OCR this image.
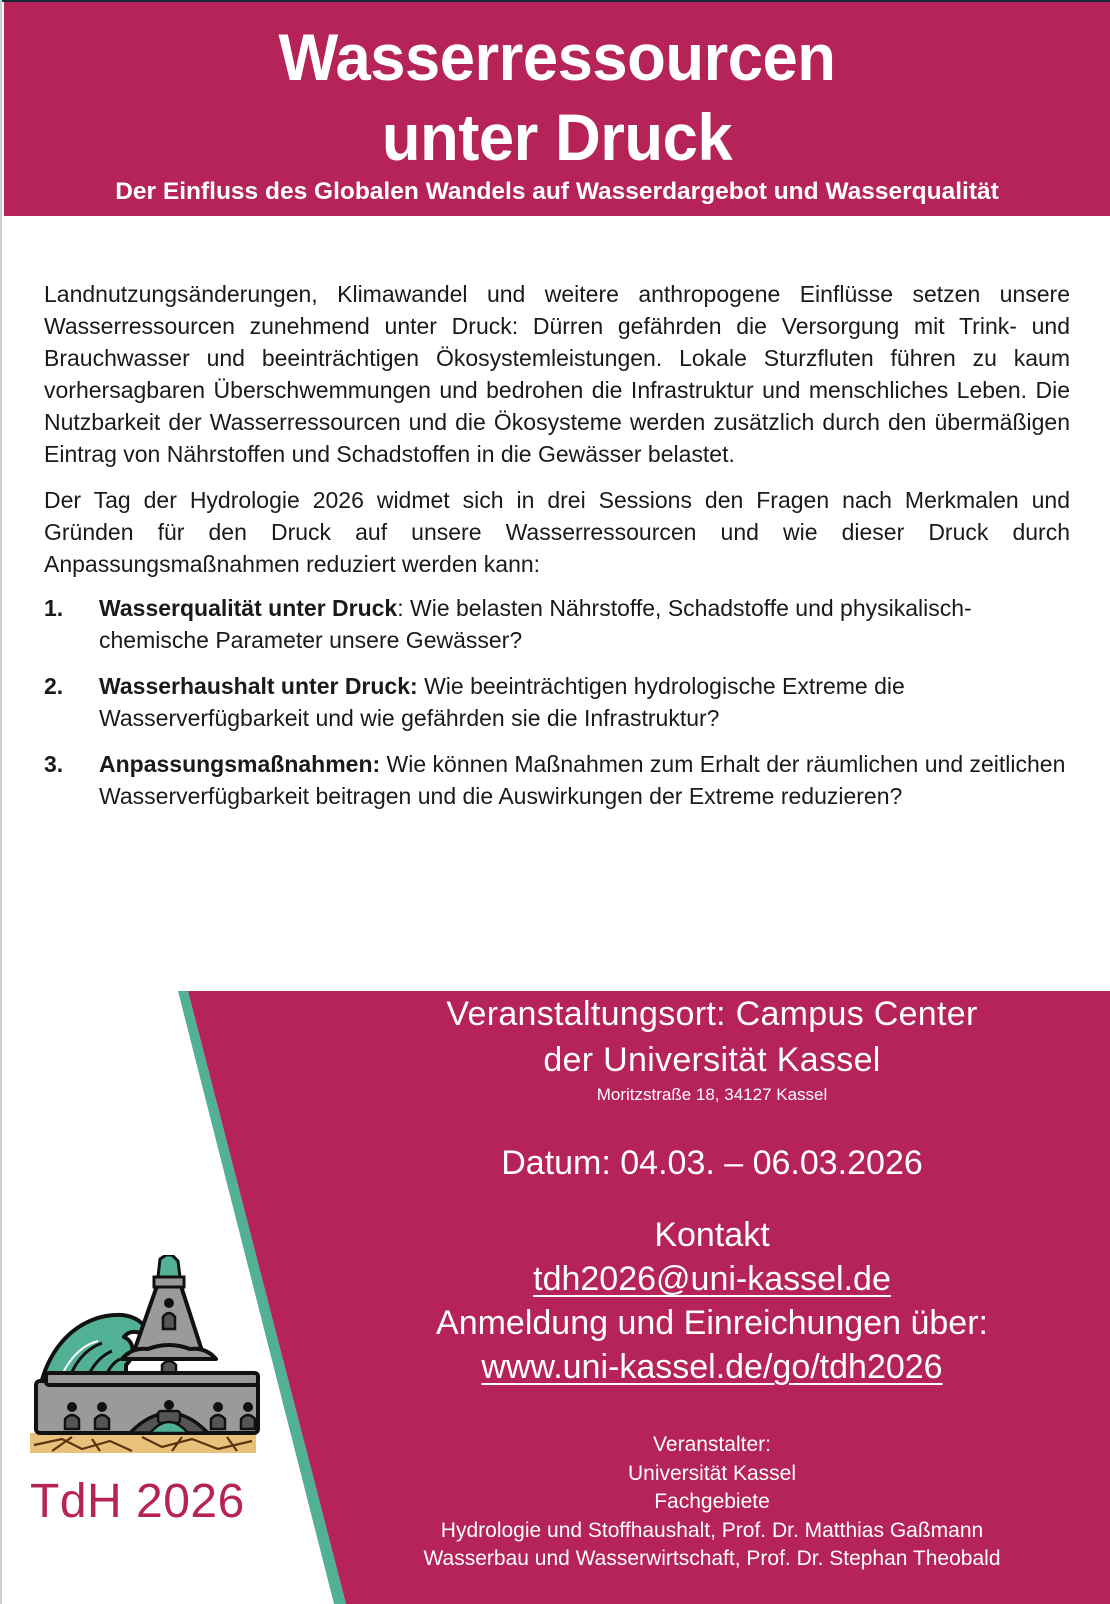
Wasserressourcen
unter Druck
Der Einfluss des Globalen Wandels auf Wasserdargebot und Wasserqualität

Landnutzungsänderungen, Klimawandel und weitere anthropogene Einflüsse setzen unsere Wasserressourcen zunehmend unter Druck: Dürren gefährden die Versorgung mit Trink- und Brauchwasser und beeinträchtigen Ökosystemleistungen. Lokale Sturzfluten führen zu kaum vorhersagbaren Überschwemmungen und bedrohen die Infrastruktur und menschliches Leben. Die Nutzbarkeit der Wasserressourcen und die Ökosysteme werden zusätzlich durch den übermäßigen Eintrag von Nährstoffen und Schadstoffen in die Gewässer belastet.

Der Tag der Hydrologie 2026 widmet sich in drei Sessions den Fragen nach Merkmalen und Gründen für den Druck auf unsere Wasserressourcen und wie dieser Druck durch Anpassungsmaßnahmen reduziert werden kann:

1. Wasserqualität unter Druck: Wie belasten Nährstoffe, Schadstoffe und physikalisch-chemische Parameter unsere Gewässer?
2. Wasserhaushalt unter Druck: Wie beeinträchtigen hydrologische Extreme die Wasserverfügbarkeit und wie gefährden sie die Infrastruktur?
3. Anpassungsmaßnahmen: Wie können Maßnahmen zum Erhalt der räumlichen und zeitlichen Wasserverfügbarkeit beitragen und die Auswirkungen der Extreme reduzieren?
Veranstaltungsort: Campus Center
der Universität Kassel
Moritzstraße 18, 34127 Kassel
Datum: 04.03. – 06.03.2026
Kontakt
tdh2026@uni-kassel.de
Anmeldung und Einreichungen über:
www.uni-kassel.de/go/tdh2026
Veranstalter:
Universität Kassel
Fachgebiete
Hydrologie und Stoffhaushalt, Prof. Dr. Matthias Gaßmann
Wasserbau und Wasserwirtschaft, Prof. Dr. Stephan Theobald
TdH 2026
